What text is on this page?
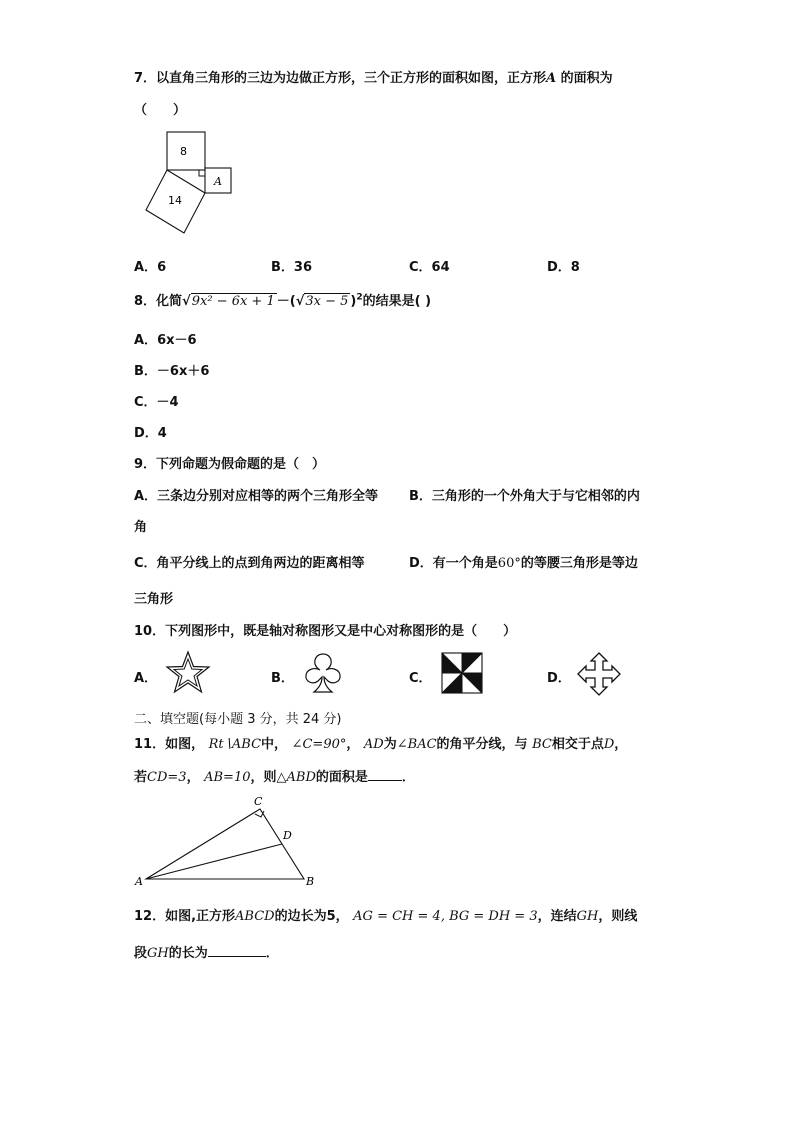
7．以直角三角形的三边为边做正方形，三个正方形的面积如图，正方形A 的面积为
（　　）
8
14
A
A．6	B．36	C．64	D．8
8．化简√9x² − 6x + 1 －(√3x − 5 )$^2$的结果是( )
A．6x－6
B．－6x＋6
C．－4
D．4
9．下列命题为假命题的是（　）
A．三条边分别对应相等的两个三角形全等 B．三角形的一个外角大于与它相邻的内
角
C．角平分线上的点到角两边的距离相等	D．有一个角是60°的等腰三角形是等边
三角形
10．下列图形中，既是轴对称图形又是中心对称图形的是（　　）
A．	B．	C．	D．
二、填空题(每小题 3 分，共 24 分)
11．如图， Rt∖ABC中， ∠C=90°， AD为∠BAC的角平分线，与 BC相交于点D，
若CD=3， AB=10，则△ABD的面积是	．
A	B
C
D
12．如图,正方形ABCD的边长为5， AG = CH = 4, BG = DH = 3，连结GH，则线
段GH的长为	．
